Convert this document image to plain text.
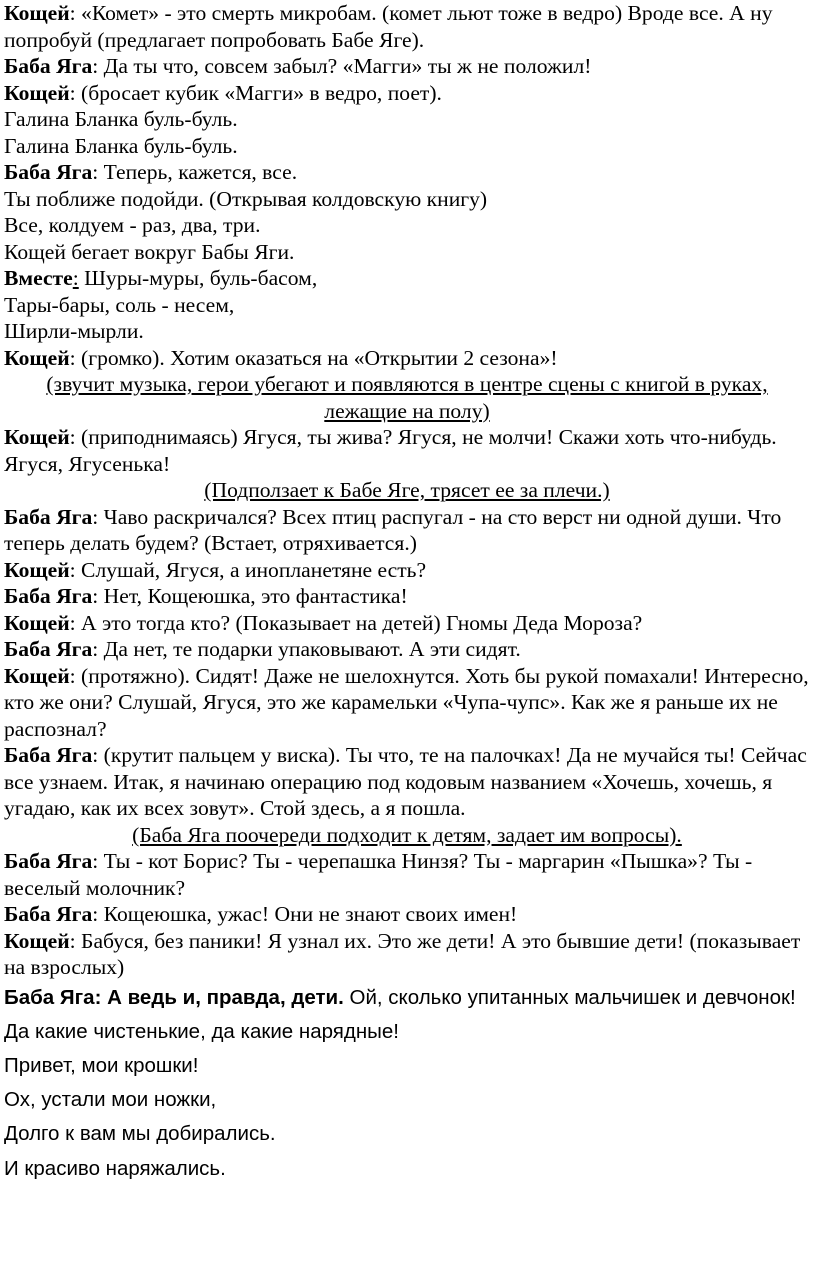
Кощей: «Комет» - это смерть микробам. (комет льют тоже в ведро) Вроде все. А ну попробуй (предлагает попробовать Бабе Яге).

Баба Яга: Да ты что, совсем забыл? «Магги» ты ж не положил!

Кощей: (бросает кубик «Магги» в ведро, поет).

Галина Бланка буль-буль.

Галина Бланка буль-буль.

Баба Яга: Теперь, кажется, все.

Ты поближе подойди. (Открывая колдовскую книгу)

Все, колдуем - раз, два, три.

Кощей бегает вокруг Бабы Яги.

Вместе: Шуры-муры, буль-басом,

Тары-бары, соль - несем,

Ширли-мырли.

Кощей: (громко). Хотим оказаться на «Открытии 2 сезона»!

(звучит музыка, герои убегают и появляются в центре сцены с книгой в руках, лежащие на полу)

Кощей: (приподнимаясь) Ягуся, ты жива? Ягуся, не молчи! Скажи хоть что-нибудь. Ягуся, Ягусенька!

(Подползает к Бабе Яге, трясет ее за плечи.)

Баба Яга: Чаво раскричался? Всех птиц распугал - на сто верст ни одной души. Что теперь делать будем? (Встает, отряхивается.)

Кощей: Слушай, Ягуся, а инопланетяне есть?

Баба Яга: Нет, Кощеюшка, это фантастика!

Кощей: А это тогда кто? (Показывает на детей) Гномы Деда Мороза?

Баба Яга: Да нет, те подарки упаковывают. А эти сидят.

Кощей: (протяжно). Сидят! Даже не шелохнутся. Хоть бы рукой помахали! Интересно, кто же они? Слушай, Ягуся, это же карамельки «Чупа-чупс». Как же я раньше их не распознал?

Баба Яга: (крутит пальцем у виска). Ты что, те на палочках! Да не мучайся ты! Сейчас все узнаем. Итак, я начинаю операцию под кодовым названием «Хочешь, хочешь, я угадаю, как их всех зовут». Стой здесь, а я пошла.

(Баба Яга поочереди подходит к детям, задает им вопросы).

Баба Яга: Ты - кот Борис? Ты - черепашка Нинзя? Ты - маргарин «Пышка»? Ты - веселый молочник?

Баба Яга: Кощеюшка, ужас! Они не знают своих имен!

Кощей: Бабуся, без паники! Я узнал их. Это же дети! А это бывшие дети! (показывает на взрослых)

Баба Яга: А ведь и, правда, дети. Ой, сколько упитанных мальчишек и девчонок! Да какие чистенькие, да какие нарядные!

Привет, мои крошки!

Ох, устали мои ножки,

Долго к вам мы добирались.

И красиво наряжались.
